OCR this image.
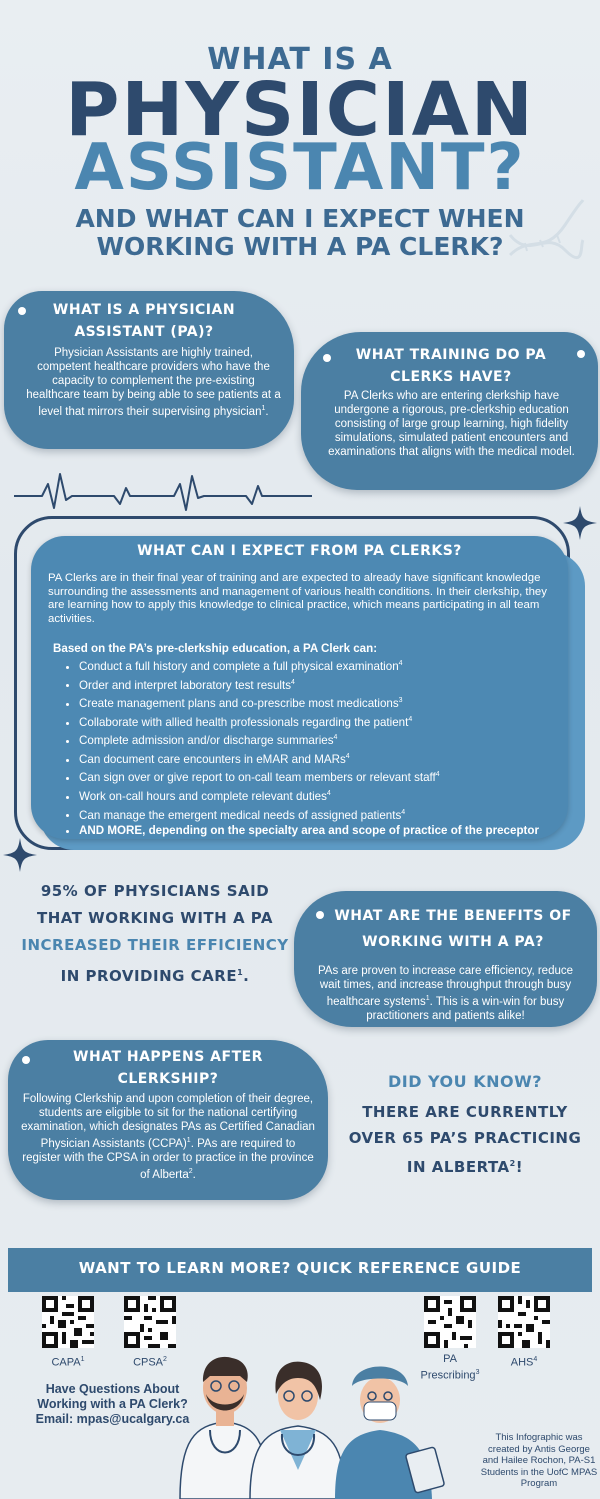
WHAT IS A
PHYSICIAN
ASSISTANT?
AND WHAT CAN I EXPECT WHEN WORKING WITH A PA CLERK?
WHAT IS A PHYSICIAN ASSISTANT (PA)?
Physician Assistants are highly trained, competent healthcare providers who have the capacity to complement the pre-existing healthcare team by being able to see patients at a level that mirrors their supervising physician$^1$.
WHAT TRAINING DO PA CLERKS HAVE?
PA Clerks who are entering clerkship have undergone a rigorous, pre-clerkship education consisting of large group learning, high fidelity simulations, simulated patient encounters and examinations that aligns with the medical model.
WHAT CAN I EXPECT FROM PA CLERKS?
PA Clerks are in their final year of training and are expected to already have significant knowledge surrounding the assessments and management of various health conditions. In their clerkship, they are learning how to apply this knowledge to clinical practice, which means participating in all team activities.
Based on the PA’s pre-clerkship education, a PA Clerk can:
• Conduct a full history and complete a full physical examination$^4$
• Order and interpret laboratory test results$^4$
• Create management plans and co-prescribe most medications$^3$
• Collaborate with allied health professionals regarding the patient$^4$
• Complete admission and/or discharge summaries$^4$
• Can document care encounters in eMAR and MARs$^4$
• Can sign over or give report to on-call team members or relevant staff$^4$
• Work on-call hours and complete relevant duties$^4$
• Can manage the emergent medical needs of assigned patients$^4$
• AND MORE, depending on the specialty area and scope of practice of the preceptor
95% OF PHYSICIANS SAID THAT WORKING WITH A PA INCREASED THEIR EFFICIENCY IN PROVIDING CARE$^1$.
WHAT ARE THE BENEFITS OF WORKING WITH A PA?
PAs are proven to increase care efficiency, reduce wait times, and increase throughput through busy healthcare systems$^1$. This is a win-win for busy practitioners and patients alike!
WHAT HAPPENS AFTER CLERKSHIP?
Following Clerkship and upon completion of their degree, students are eligible to sit for the national certifying examination, which designates PAs as Certified Canadian Physician Assistants (CCPA)$^1$. PAs are required to register with the CPSA in order to practice in the province of Alberta$^2$.
DID YOU KNOW?
THERE ARE CURRENTLY OVER 65 PA’S PRACTICING IN ALBERTA$^2$!
WANT TO LEARN MORE? QUICK REFERENCE GUIDE
CAPA$^1$	CPSA$^2$	PA Prescribing$^3$
AHS$^4$
Have Questions About Working with a PA Clerk? Email: mpas@ucalgary.ca
This Infographic was created by Antis George and Hailee Rochon, PA-S1 Students in the UofC MPAS Program
